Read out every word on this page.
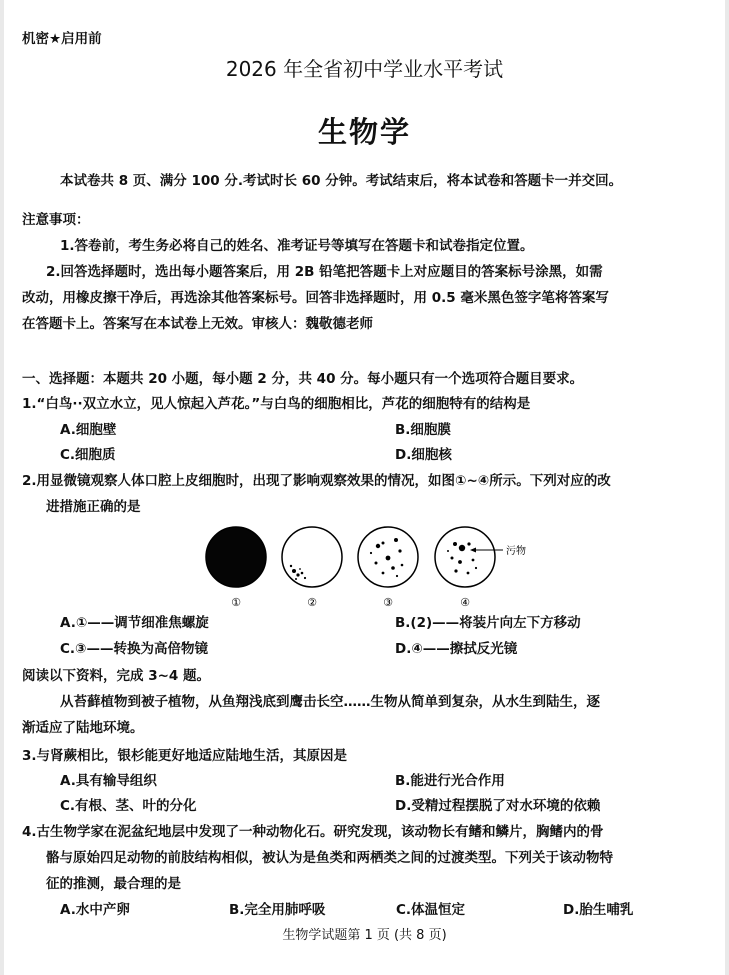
机密★启用前
2026 年全省初中学业水平考试
生物学
本试卷共 8 页、满分 100 分.考试时长 60 分钟。考试结束后，将本试卷和答题卡一并交回。
注意事项：
1.答卷前，考生务必将自己的姓名、准考证号等填写在答题卡和试卷指定位置。
2.回答选择题时，选出每小题答案后，用 2B 铅笔把答题卡上对应题目的答案标号涂黑，如需
改动，用橡皮擦干净后，再选涂其他答案标号。回答非选择题时，用 0.5 毫米黑色签字笔将答案写
在答题卡上。答案写在本试卷上无效。审核人：魏敬德老师
一、选择题：本题共 20 小题，每小题 2 分，共 40 分。每小题只有一个选项符合题目要求。
1.“白鸟··双立水立，见人惊起入芦花。”与白鸟的细胞相比，芦花的细胞特有的结构是
A.细胞壁	B.细胞膜
C.细胞质	D.细胞核
2.用显微镜观察人体口腔上皮细胞时，出现了影响观察效果的情况，如图①~④所示。下列对应的改
进措施正确的是
污物
①	②	③	④
A.①——调节细准焦螺旋	B.(2)——将装片向左下方移动
C.③——转换为高倍物镜	D.④——擦拭反光镜
阅读以下资料，完成 3~4 题。
从苔藓植物到被子植物，从鱼翔浅底到鹰击长空……生物从简单到复杂，从水生到陆生，逐
渐适应了陆地环境。
3.与肾蕨相比，银杉能更好地适应陆地生活，其原因是
A.具有输导组织	B.能进行光合作用
C.有根、茎、叶的分化	D.受精过程摆脱了对水环境的依赖
4.古生物学家在泥盆纪地层中发现了一种动物化石。研究发现，该动物长有鳍和鳞片，胸鳍内的骨
骼与原始四足动物的前肢结构相似，被认为是鱼类和两栖类之间的过渡类型。下列关于该动物特
征的推测，最合理的是
A.水中产卵	B.完全用肺呼吸	C.体温恒定	D.胎生哺乳
生物学试题第 1 页 (共 8 页)
